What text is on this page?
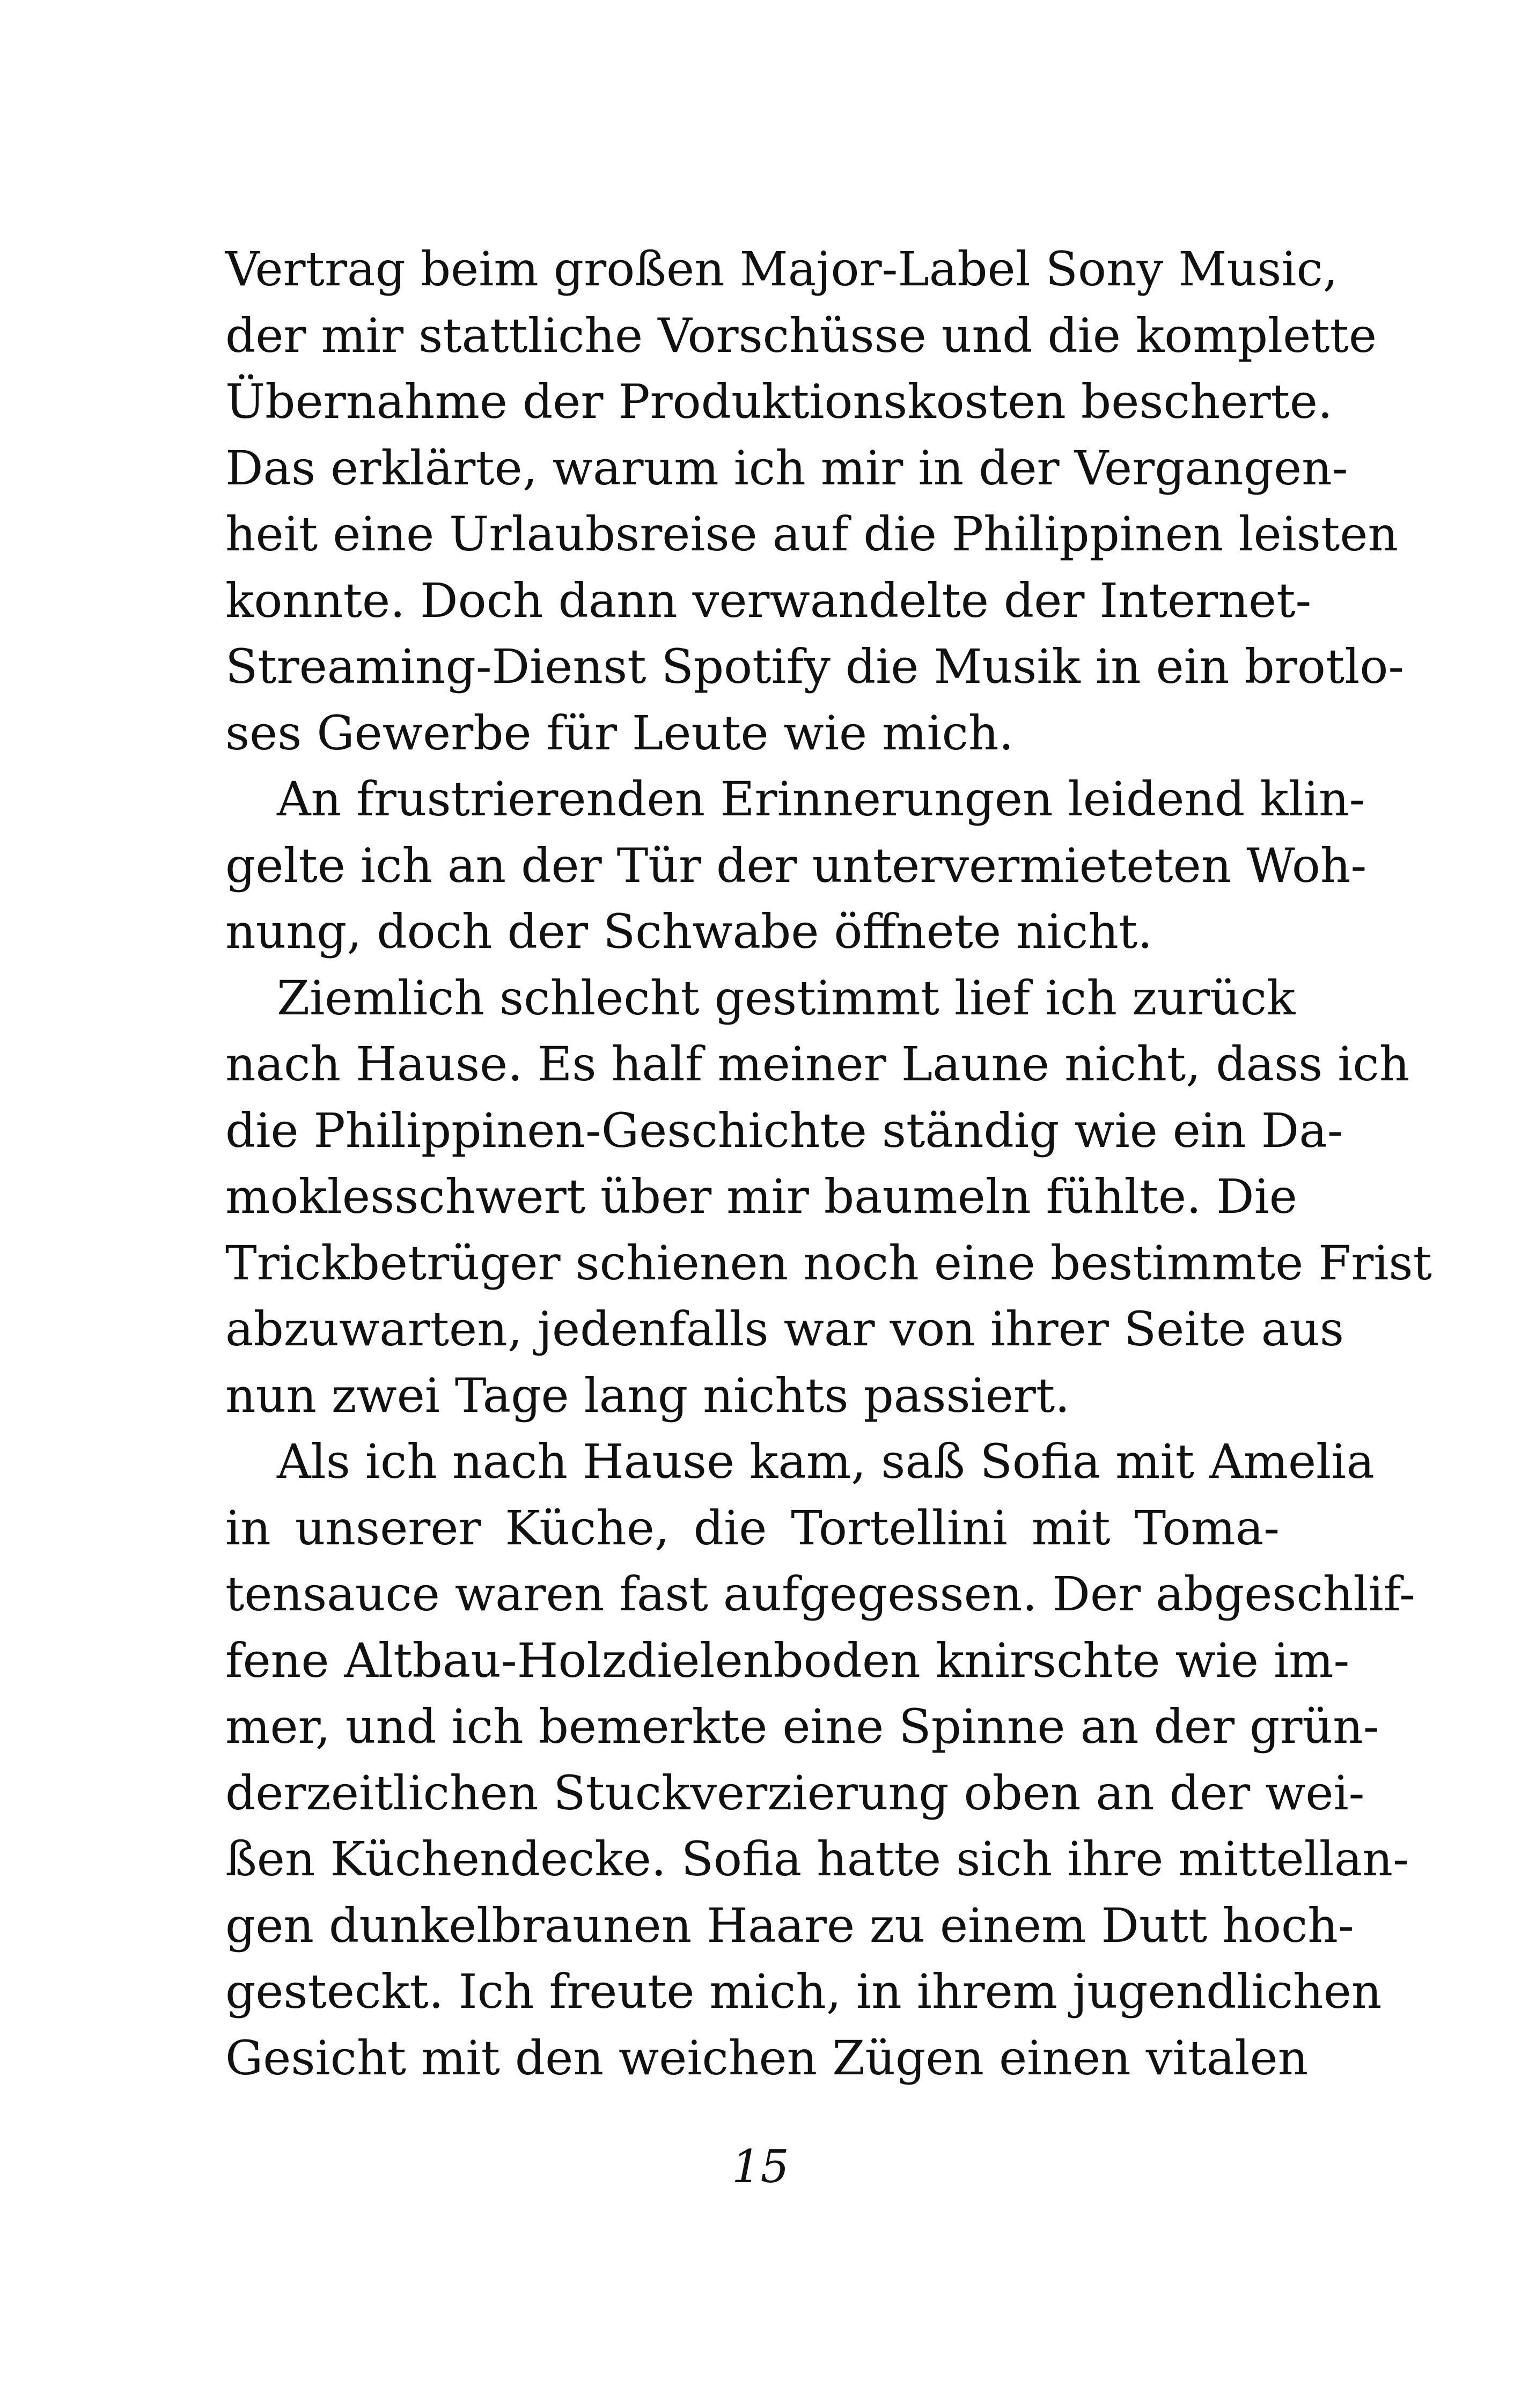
Vertrag beim großen Major-Label Sony Music,
der mir stattliche Vorschüsse und die komplette
Übernahme der Produktionskosten bescherte.
Das erklärte, warum ich mir in der Vergangen-
heit eine Urlaubsreise auf die Philippinen leisten
konnte. Doch dann verwandelte der Internet-
Streaming-Dienst Spotify die Musik in ein brotlo-
ses Gewerbe für Leute wie mich.
An frustrierenden Erinnerungen leidend klin-
gelte ich an der Tür der untervermieteten Woh-
nung, doch der Schwabe öffnete nicht.
Ziemlich schlecht gestimmt lief ich zurück
nach Hause. Es half meiner Laune nicht, dass ich
die Philippinen-Geschichte ständig wie ein Da-
moklesschwert über mir baumeln fühlte. Die
Trickbetrüger schienen noch eine bestimmte Frist
abzuwarten, jedenfalls war von ihrer Seite aus
nun zwei Tage lang nichts passiert.
Als ich nach Hause kam, saß Sofia mit Amelia
in unserer Küche, die Tortellini mit Toma-
tensauce waren fast aufgegessen. Der abgeschlif-
fene Altbau-Holzdielenboden knirschte wie im-
mer, und ich bemerkte eine Spinne an der grün-
derzeitlichen Stuckverzierung oben an der wei-
ßen Küchendecke. Sofia hatte sich ihre mittellan-
gen dunkelbraunen Haare zu einem Dutt hoch-
gesteckt. Ich freute mich, in ihrem jugendlichen
Gesicht mit den weichen Zügen einen vitalen
15
